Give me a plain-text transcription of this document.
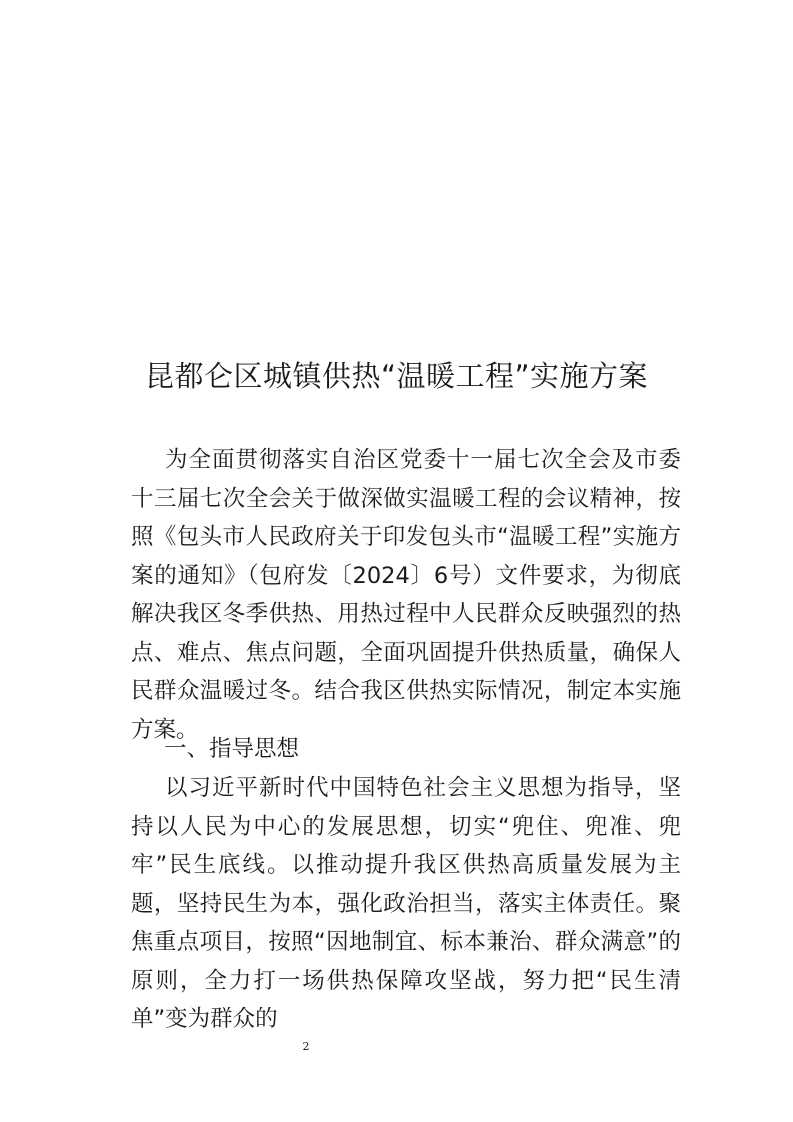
昆都仑区城镇供热“温暖工程”实施方案

为全面贯彻落实自治区党委十一届七次全会及市委十三届七次全会关于做深做实温暖工程的会议精神，按照《包头市人民政府关于印发包头市“温暖工程”实施方案的通知》（包府发〔2024〕6号）文件要求，为彻底解决我区冬季供热、用热过程中人民群众反映强烈的热点、难点、焦点问题，全面巩固提升供热质量，确保人民群众温暖过冬。结合我区供热实际情况，制定本实施方案。

一、指导思想

以习近平新时代中国特色社会主义思想为指导，坚持以人民为中心的发展思想，切实“兜住、兜准、兜牢”民生底线。以推动提升我区供热高质量发展为主题，坚持民生为本，强化政治担当，落实主体责任。聚焦重点项目，按照“因地制宜、标本兼治、群众满意”的原则，全力打一场供热保障攻坚战，努力把“民生清单”变为群众的

2
